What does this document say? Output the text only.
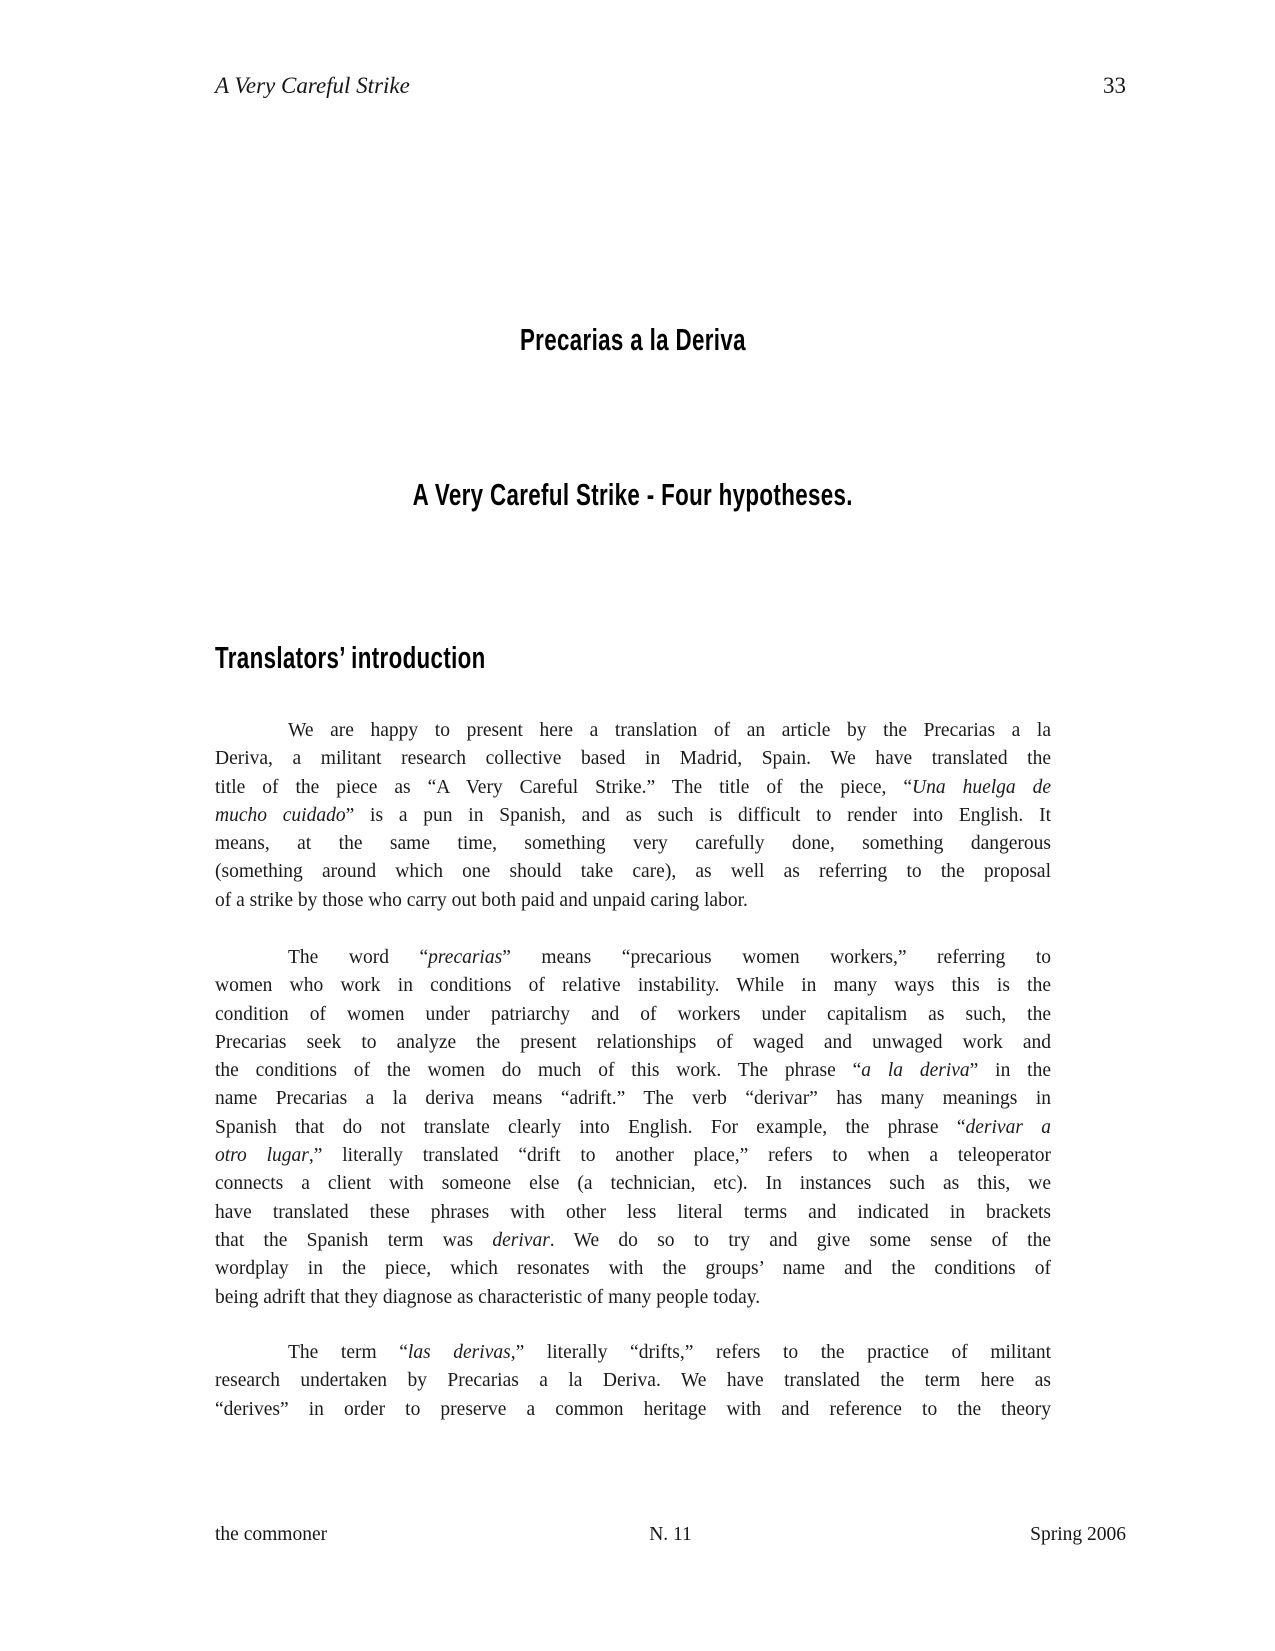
A Very Careful Strike	33
Precarias a la Deriva
A Very Careful Strike - Four hypotheses.
Translators’ introduction
We are happy to present here a translation of an article by the Precarias a la
Deriva, a militant research collective based in Madrid, Spain. We have translated the
title of the piece as “A Very Careful Strike.” The title of the piece, “Una huelga de
mucho cuidado” is a pun in Spanish, and as such is difficult to render into English. It
means, at the same time, something very carefully done, something dangerous
(something around which one should take care), as well as referring to the proposal
of a strike by those who carry out both paid and unpaid caring labor.
The word “precarias” means “precarious women workers,” referring to
women who work in conditions of relative instability. While in many ways this is the
condition of women under patriarchy and of workers under capitalism as such, the
Precarias seek to analyze the present relationships of waged and unwaged work and
the conditions of the women do much of this work. The phrase “a la deriva” in the
name Precarias a la deriva means “adrift.” The verb “derivar” has many meanings in
Spanish that do not translate clearly into English. For example, the phrase “derivar a
otro lugar,” literally translated “drift to another place,” refers to when a teleoperator
connects a client with someone else (a technician, etc). In instances such as this, we
have translated these phrases with other less literal terms and indicated in brackets
that the Spanish term was derivar. We do so to try and give some sense of the
wordplay in the piece, which resonates with the groups’ name and the conditions of
being adrift that they diagnose as characteristic of many people today.
The term “las derivas,” literally “drifts,” refers to the practice of militant
research undertaken by Precarias a la Deriva. We have translated the term here as
“derives” in order to preserve a common heritage with and reference to the theory
the commoner	N. 11	Spring 2006
